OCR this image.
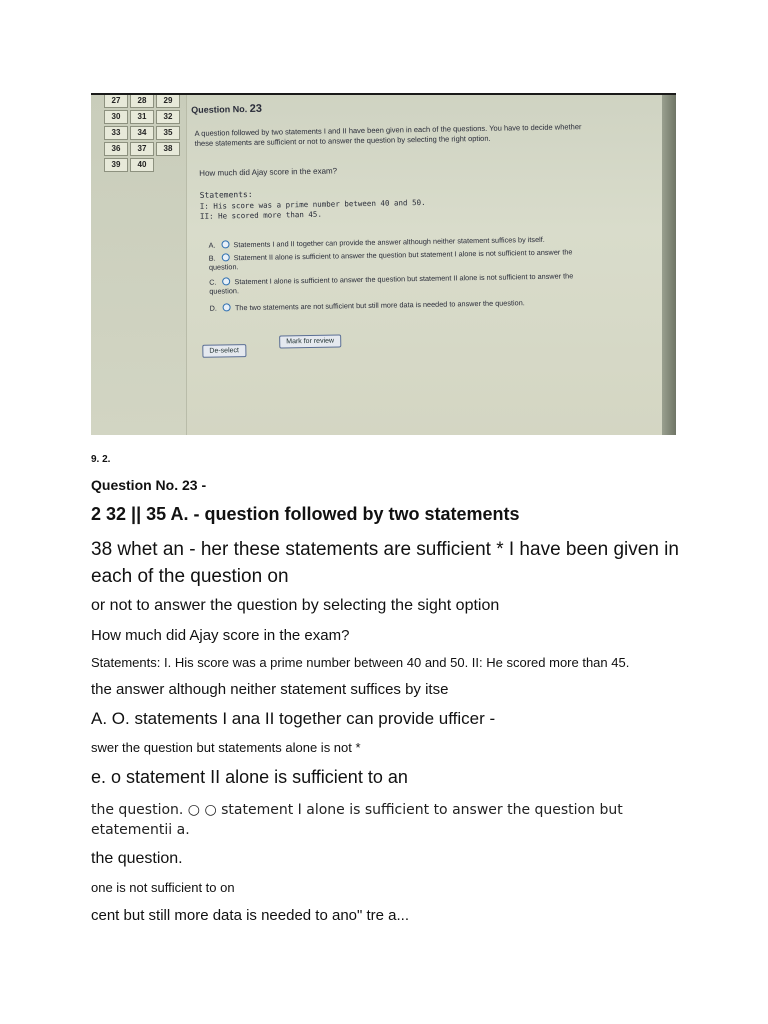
27	28	29
30	31	32
33	34	35
36	37	38
39	40
Question No. 23
A question followed by two statements I and II have been given in each of the questions. You have to decide whether these statements are sufficient or not to answer the question by selecting the right option.
How much did Ajay score in the exam?
Statements:
I: His score was a prime number between 40 and 50.
II: He scored more than 45.
A. Statements I and II together can provide the answer although neither statement suffices by itself.
B. Statement II alone is sufficient to answer the question but statement I alone is not sufficient to answer the question.
C. Statement I alone is sufficient to answer the question but statement II alone is not sufficient to answer the question.
D. The two statements are not sufficient but still more data is needed to answer the question.
De-select
Mark for review
9. 2.
Question No. 23 -
2 32 || 35 A. - question followed by two statements
38 whet an - her these statements are sufficient * I have been given in each of the question on
or not to answer the question by selecting the sight option
How much did Ajay score in the exam?
Statements: I. His score was a prime number between 40 and 50. II: He scored more than 45.
the answer although neither statement suffices by itse
A. O. statements I ana II together can provide ufficer -
swer the question but statements alone is not *
e. o statement II alone is sufficient to an
the question. ○ ○ statement I alone is sufficient to answer the question but etatementii a.
the question.
one is not sufficient to on
cent but still more data is needed to ano" tre a...
